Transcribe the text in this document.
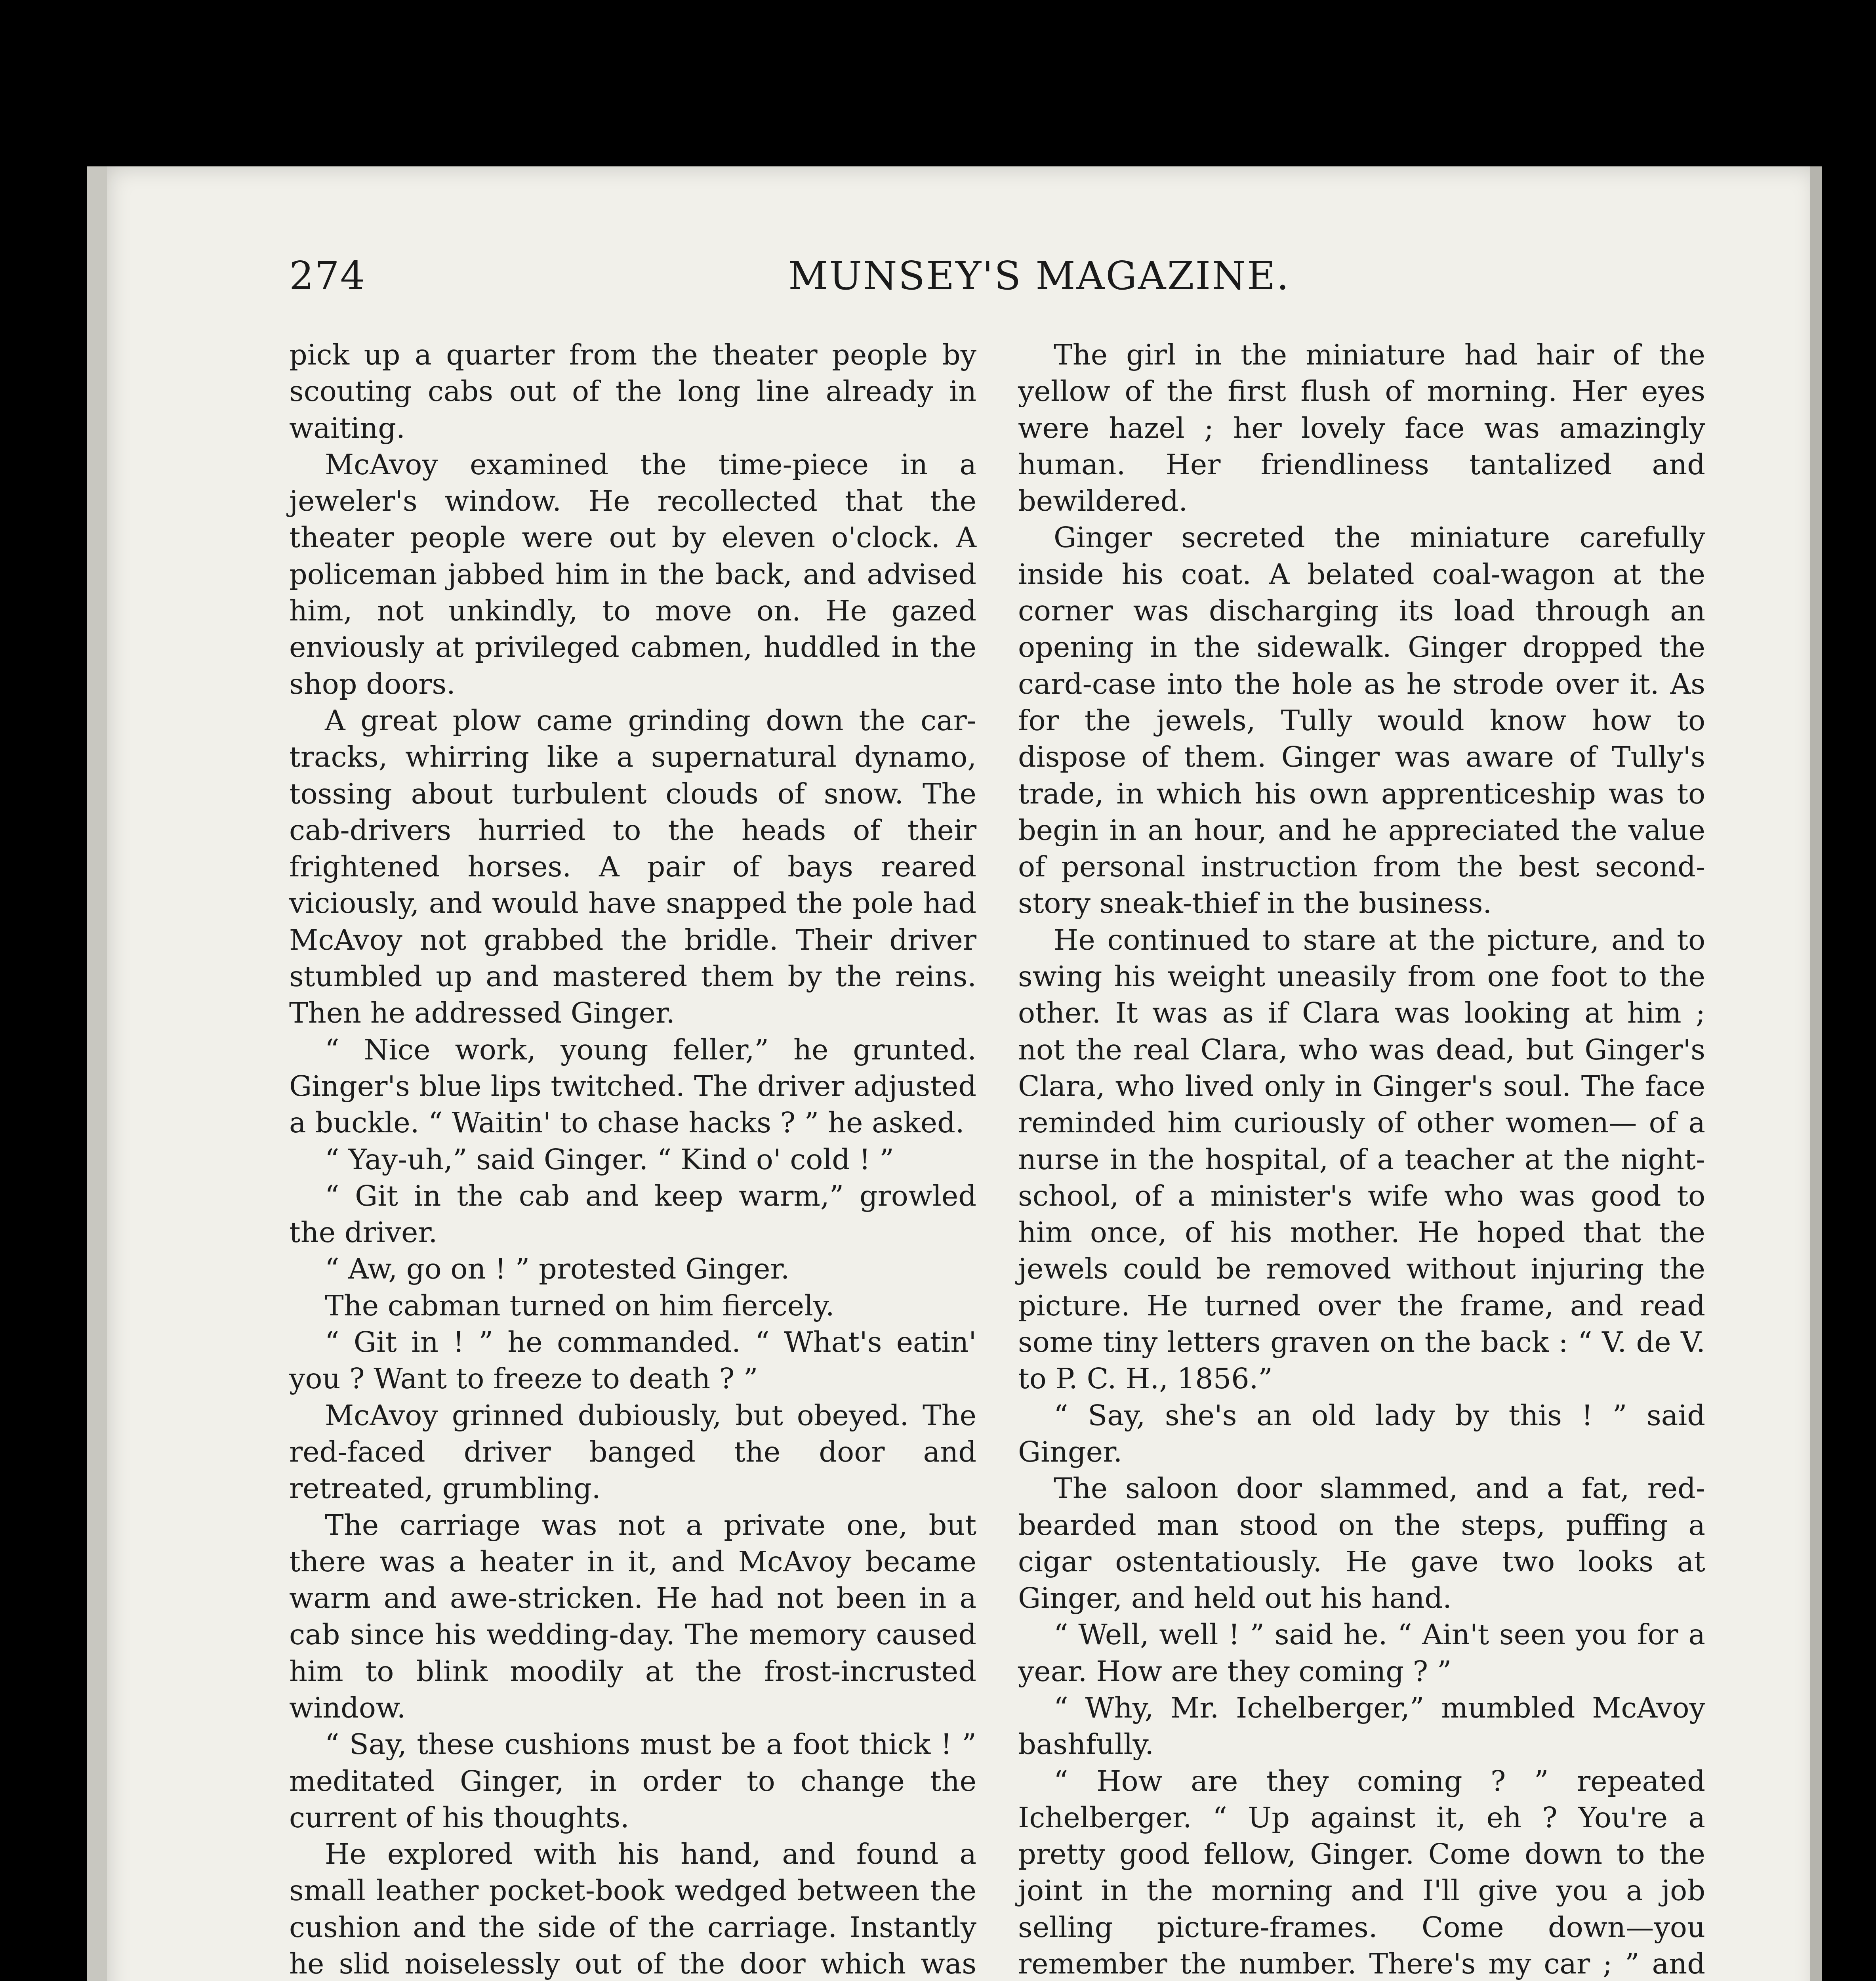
274	MUNSEY'S MAGAZINE.

pick up a quarter from the theater people by scouting cabs out of the long line already in waiting.

McAvoy examined the time-piece in a jeweler's window. He recollected that the theater people were out by eleven o'clock. A policeman jabbed him in the back, and advised him, not unkindly, to move on. He gazed enviously at privileged cabmen, huddled in the shop doors.

A great plow came grinding down the car-tracks, whirring like a supernatural dynamo, tossing about turbulent clouds of snow. The cab-drivers hurried to the heads of their frightened horses. A pair of bays reared viciously, and would have snapped the pole had McAvoy not grabbed the bridle. Their driver stumbled up and mastered them by the reins. Then he addressed Ginger.

“ Nice work, young feller,” he grunted. Ginger's blue lips twitched. The driver adjusted a buckle. “ Waitin' to chase hacks ? ” he asked.

“ Yay-uh,” said Ginger. “ Kind o' cold ! ”

“ Git in the cab and keep warm,” growled the driver.

“ Aw, go on ! ” protested Ginger.

The cabman turned on him fiercely.

“ Git in ! ” he commanded. “ What's eatin' you ? Want to freeze to death ? ”

McAvoy grinned dubiously, but obeyed. The red-faced driver banged the door and retreated, grumbling.

The carriage was not a private one, but there was a heater in it, and McAvoy became warm and awe-stricken. He had not been in a cab since his wedding-day. The memory caused him to blink moodily at the frost-incrusted window.

“ Say, these cushions must be a foot thick ! ” meditated Ginger, in order to change the current of his thoughts.

He explored with his hand, and found a small leather pocket-book wedged between the cushion and the side of the carriage. Instantly he slid noiselessly out of the door which was

The girl in the miniature had hair of the yellow of the first flush of morning. Her eyes were hazel ; her lovely face was amazingly human. Her friendliness tantalized and bewildered.

Ginger secreted the miniature carefully inside his coat. A belated coal-wagon at the corner was discharging its load through an opening in the sidewalk. Ginger dropped the card-case into the hole as he strode over it. As for the jewels, Tully would know how to dispose of them. Ginger was aware of Tully's trade, in which his own apprenticeship was to begin in an hour, and he appreciated the value of personal instruction from the best second-story sneak-thief in the business.

He continued to stare at the picture, and to swing his weight uneasily from one foot to the other. It was as if Clara was looking at him ; not the real Clara, who was dead, but Ginger's Clara, who lived only in Ginger's soul. The face reminded him curiously of other women— of a nurse in the hospital, of a teacher at the night-school, of a minister's wife who was good to him once, of his mother. He hoped that the jewels could be removed without injuring the picture. He turned over the frame, and read some tiny letters graven on the back : “ V. de V. to P. C. H., 1856.”

“ Say, she's an old lady by this ! ” said Ginger.

The saloon door slammed, and a fat, red-bearded man stood on the steps, puffing a cigar ostentatiously. He gave two looks at Ginger, and held out his hand.

“ Well, well ! ” said he. “ Ain't seen you for a year. How are they coming ? ”

“ Why, Mr. Ichelberger,” mumbled McAvoy bashfully.

“ How are they coming ? ” repeated Ichelberger. “ Up against it, eh ? You're a pretty good fellow, Ginger. Come down to the joint in the morning and I'll give you a job selling picture-frames. Come down—you remember the number. There's my car ; ” and
